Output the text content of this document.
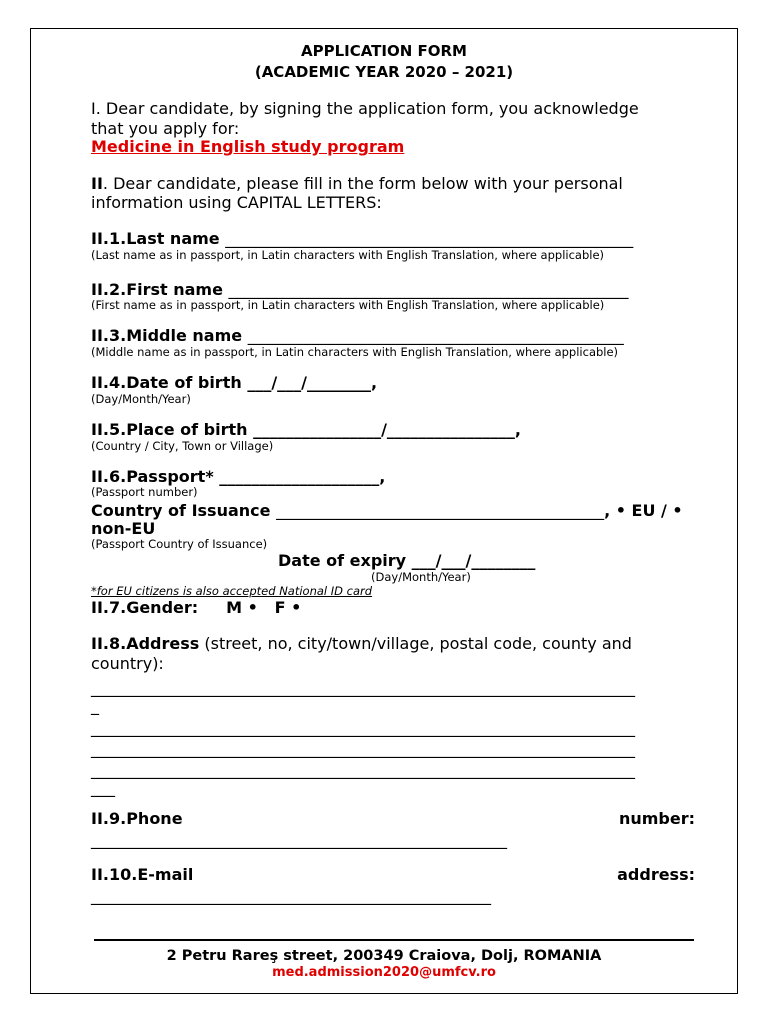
APPLICATION FORM
(ACADEMIC YEAR 2020 – 2021)
I. Dear candidate, by signing the application form, you acknowledge
that you apply for:
Medicine in English study program
II. Dear candidate, please fill in the form below with your personal
information using CAPITAL LETTERS:
II.1.Last name ___________________________________________________
(Last name as in passport, in Latin characters with English Translation, where applicable)
II.2.First name __________________________________________________
(First name as in passport, in Latin characters with English Translation, where applicable)
II.3.Middle name _______________________________________________
(Middle name as in passport, in Latin characters with English Translation, where applicable)
II.4.Date of birth ___/___/________,
(Day/Month/Year)
II.5.Place of birth ________________/________________,
(Country / City, Town or Village)
II.6.Passport* ____________________,
(Passport number)
Country of Issuance _________________________________________, • EU / •
non-EU
(Passport Country of Issuance)
Date of expiry ___/___/________
(Day/Month/Year)
*for EU citizens is also accepted National ID card
II.7.Gender: M •   F •
II.8.Address (street, no, city/town/village, postal code, county and
country):
____________________________________________________________________
_
____________________________________________________________________
____________________________________________________________________
____________________________________________________________________
___
II.9.Phone	number:
____________________________________________________
II.10.E-mail	address:
__________________________________________________
2 Petru Rareş street, 200349 Craiova, Dolj, ROMANIA
med.admission2020@umfcv.ro
